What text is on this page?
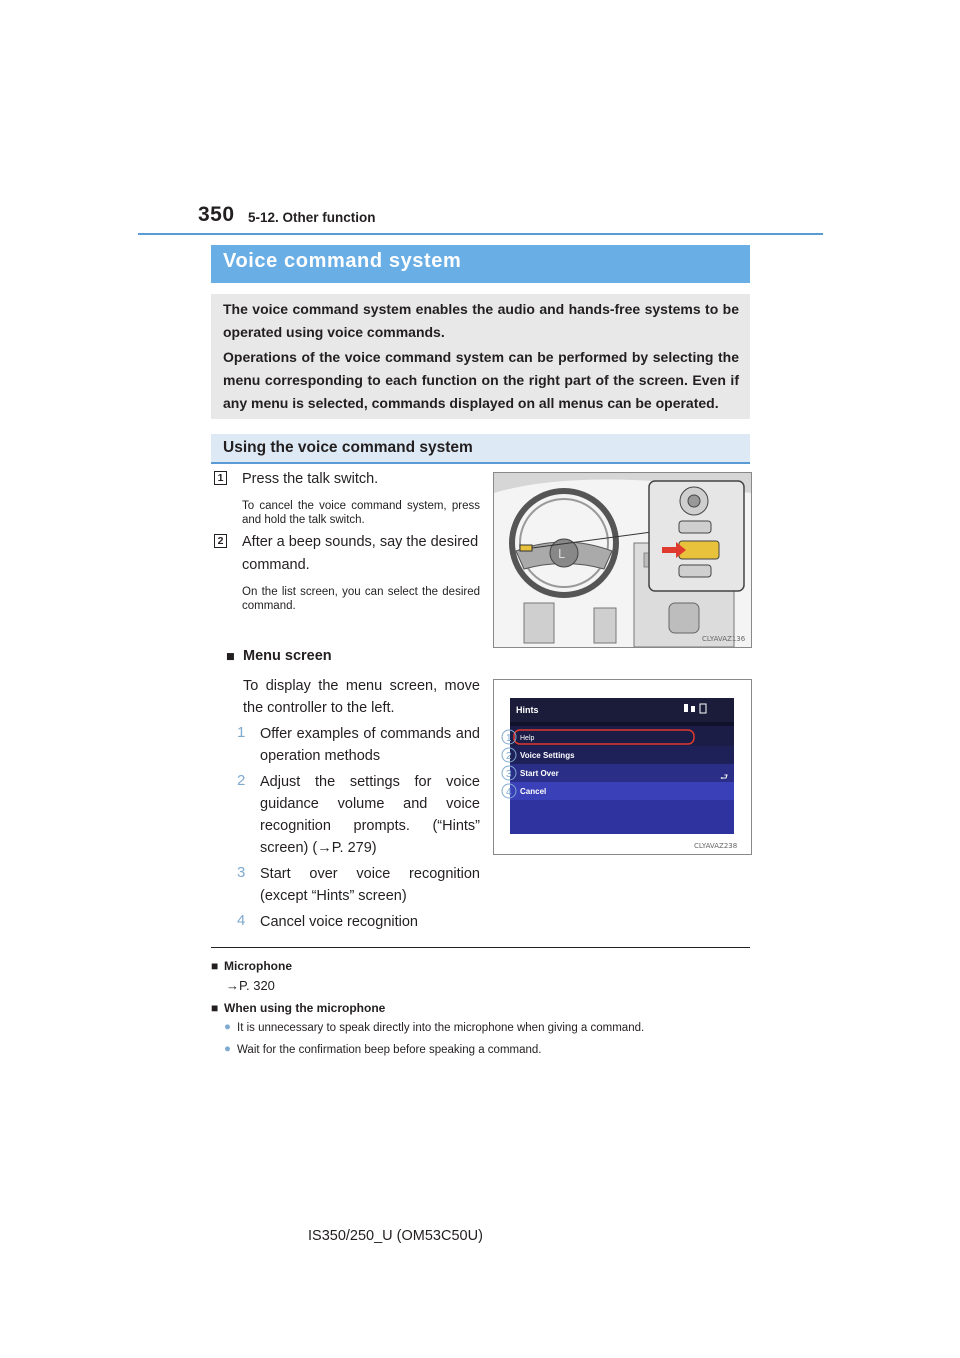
350 5-12. Other function
Voice command system
The voice command system enables the audio and hands-free systems to be operated using voice commands.
Operations of the voice command system can be performed by selecting the menu corresponding to each function on the right part of the screen. Even if any menu is selected, commands displayed on all menus can be operated.
Using the voice command system
1 Press the talk switch.
To cancel the voice command system, press and hold the talk switch.
2 After a beep sounds, say the desired command.
On the list screen, you can select the desired command.
■ Menu screen
To display the menu screen, move the controller to the left.
1 Offer examples of commands and operation methods
2 Adjust the settings for voice guidance volume and voice recognition prompts. (“Hints” screen) (→P. 279)
3 Start over voice recognition (except “Hints” screen)
4 Cancel voice recognition
L
CLYAVAZ136
Hints
Help
Voice Settings
Start Over
Cancel
⮐
1
2
3
4
CLYAVAZ238
■ Microphone
→P. 320
■ When using the microphone
● It is unnecessary to speak directly into the microphone when giving a command.
● Wait for the confirmation beep before speaking a command.
IS350/250_U (OM53C50U)
